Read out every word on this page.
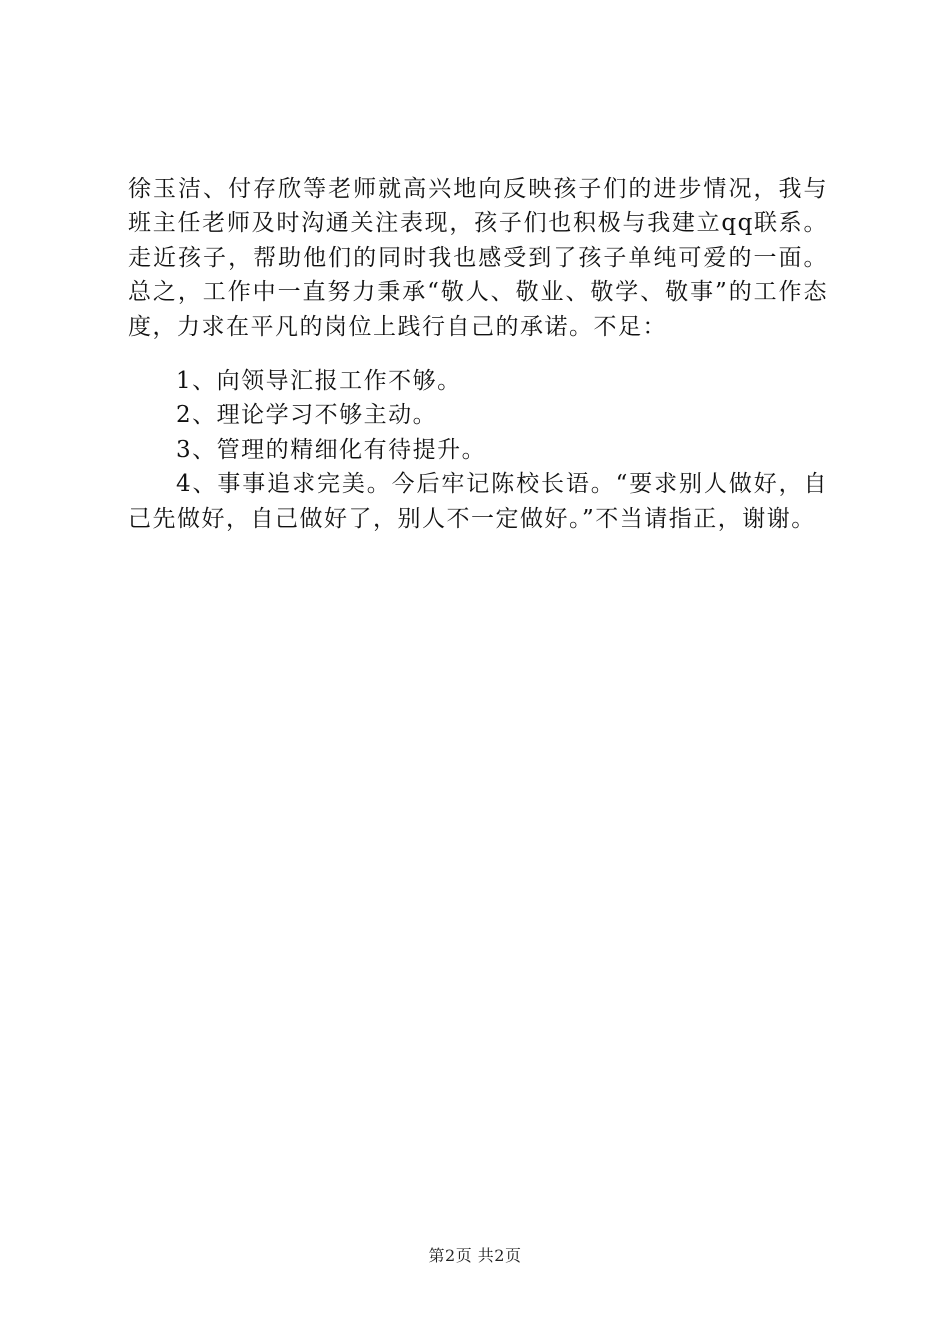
徐玉洁、付存欣等老师就高兴地向反映孩子们的进步情况，我与班主任老师及时沟通关注表现，孩子们也积极与我建立qq联系。走近孩子，帮助他们的同时我也感受到了孩子单纯可爱的一面。总之，工作中一直努力秉承“敬人、敬业、敬学、敬事”的工作态度，力求在平凡的岗位上践行自己的承诺。不足：

1、向领导汇报工作不够。

2、理论学习不够主动。

3、管理的精细化有待提升。

4、事事追求完美。今后牢记陈校长语。“要求别人做好，自己先做好，自己做好了，别人不一定做好。”不当请指正，谢谢。

第2页 共2页
